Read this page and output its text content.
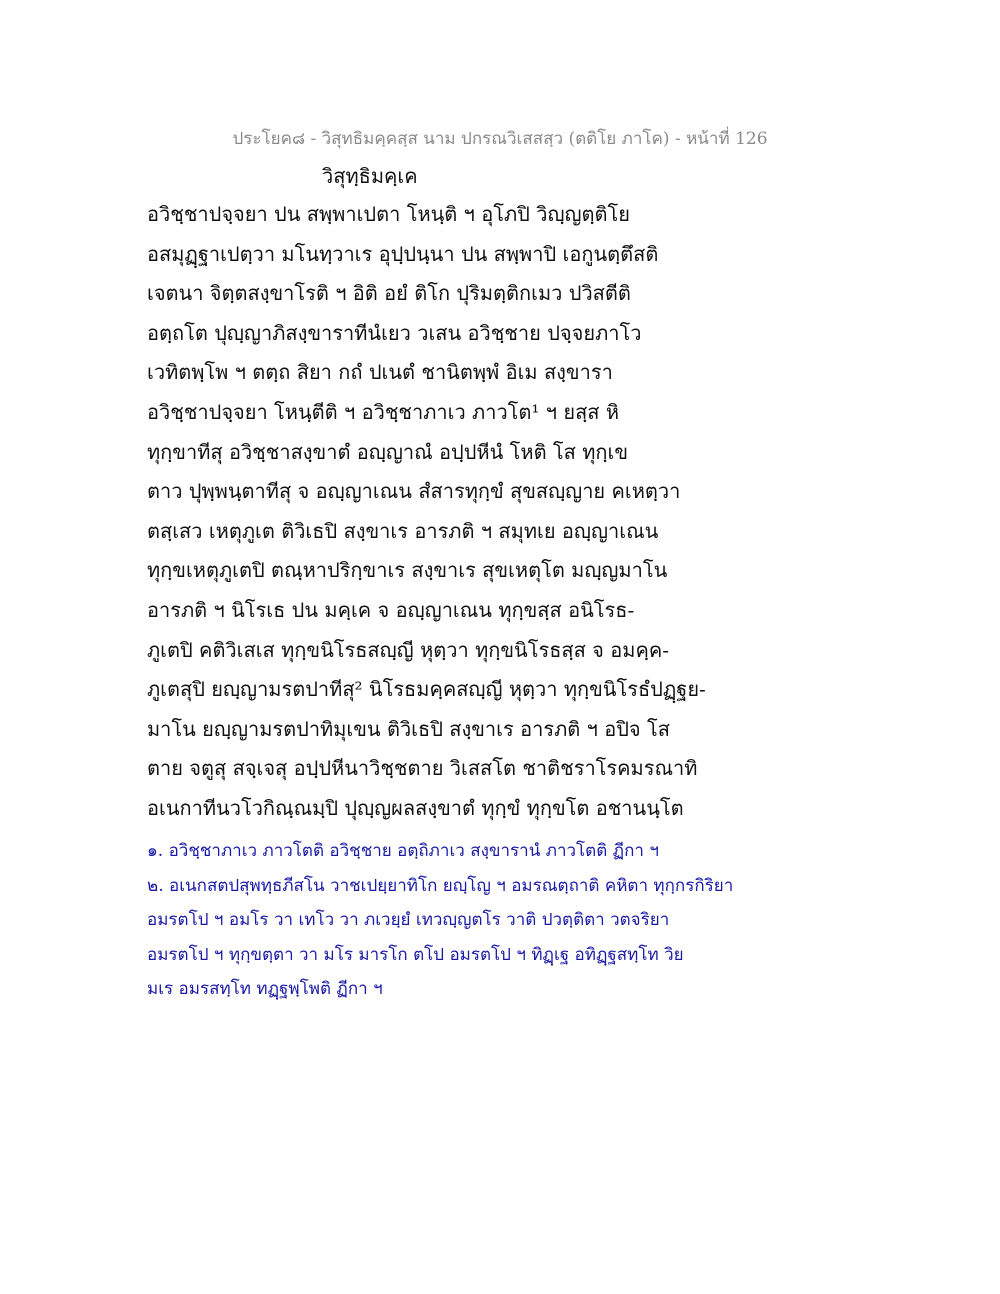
ประโยค๘ - วิสุทธิมคฺคสฺส นาม ปกรณวิเสสสฺว (ตติโย ภาโค) - หน้าที่ 126
วิสุทฺธิมคฺเค
อวิชฺชาปจฺจยา ปน สพฺพาเปตา โหนฺติ ฯ อุโภปิ วิญฺญตฺติโย
อสมุฏฺฐาเปตฺวา มโนทฺวาเร อุปฺปนฺนา ปน สพฺพาปิ เอกูนตฺตึสติ
เจตนา จิตฺตสงฺขาโรติ ฯ อิติ อยํ ติโก ปุริมตฺติกเมว ปวิสตีติ
อตฺถโต ปุญฺญาภิสงฺขาราทีนํเยว วเสน อวิชฺชาย ปจฺจยภาโว
เวทิตพฺโพ ฯ ตตฺถ สิยา กถํ ปเนตํ ชานิตพฺพํ อิเม สงฺขารา
อวิชฺชาปจฺจยา โหนฺตีติ ฯ อวิชฺชาภาเว ภาวโต¹ ฯ ยสฺส หิ
ทุกฺขาทีสุ อวิชฺชาสงฺขาตํ อญฺญาณํ อปฺปหีนํ โหติ โส ทุกฺเข
ตาว ปุพฺพนฺตาทีสุ จ อญฺญาเณน สํสารทุกฺขํ สุขสญฺญาย คเหตฺวา
ตสฺเสว เหตุภูเต ติวิเธปิ สงฺขาเร อารภติ ฯ สมุทเย อญฺญาเณน
ทุกฺขเหตุภูเตปิ ตณฺหาปริกฺขาเร สงฺขาเร สุขเหตุโต มญฺญมาโน
อารภติ ฯ นิโรเธ ปน มคฺเค จ อญฺญาเณน ทุกฺขสฺส อนิโรธ-
ภูเตปิ คติวิเสเส ทุกฺขนิโรธสญฺญี หุตฺวา ทุกฺขนิโรธสฺส จ อมคฺค-
ภูเตสุปิ ยญฺญามรตปาทีสุ² นิโรธมคฺคสญฺญี หุตฺวา ทุกฺขนิโรธํปฏฺฐย-
มาโน ยญฺญามรตปาทิมุเขน ติวิเธปิ สงฺขาเร อารภติ ฯ อปิจ โส
ตาย จตูสุ สจฺเจสุ อปฺปหีนาวิชฺชตาย วิเสสโต ชาติชราโรคมรณาทิ
อเนกาทีนวโวกิณฺณมฺปิ ปุญฺญผลสงฺขาตํ ทุกฺขํ ทุกฺขโต อชานนฺโต
๑. อวิชฺชาภาเว ภาวโตติ อวิชฺชาย อตฺถิภาเว สงฺขารานํ ภาวโตติ ฏีกา ฯ
๒. อเนกสตปสุพทฺธภีสโน วาชเปยฺยาทิโก ยญฺโญ ฯ อมรณตฺถาติ คหิตา ทุกฺกรกิริยา
อมรตโป ฯ อมโร วา เทโว วา ภเวยฺยํ เทวญฺญตโร วาติ ปวตฺติตา วตจริยา
อมรตโป ฯ ทุกฺขตฺตา วา มโร มารโก ตโป อมรตโป ฯ ทิฏฺเฐ อทิฏฺฐสทฺโท วิย
มเร อมรสทฺโท ทฏฺฐพฺโพติ ฏีกา ฯ
